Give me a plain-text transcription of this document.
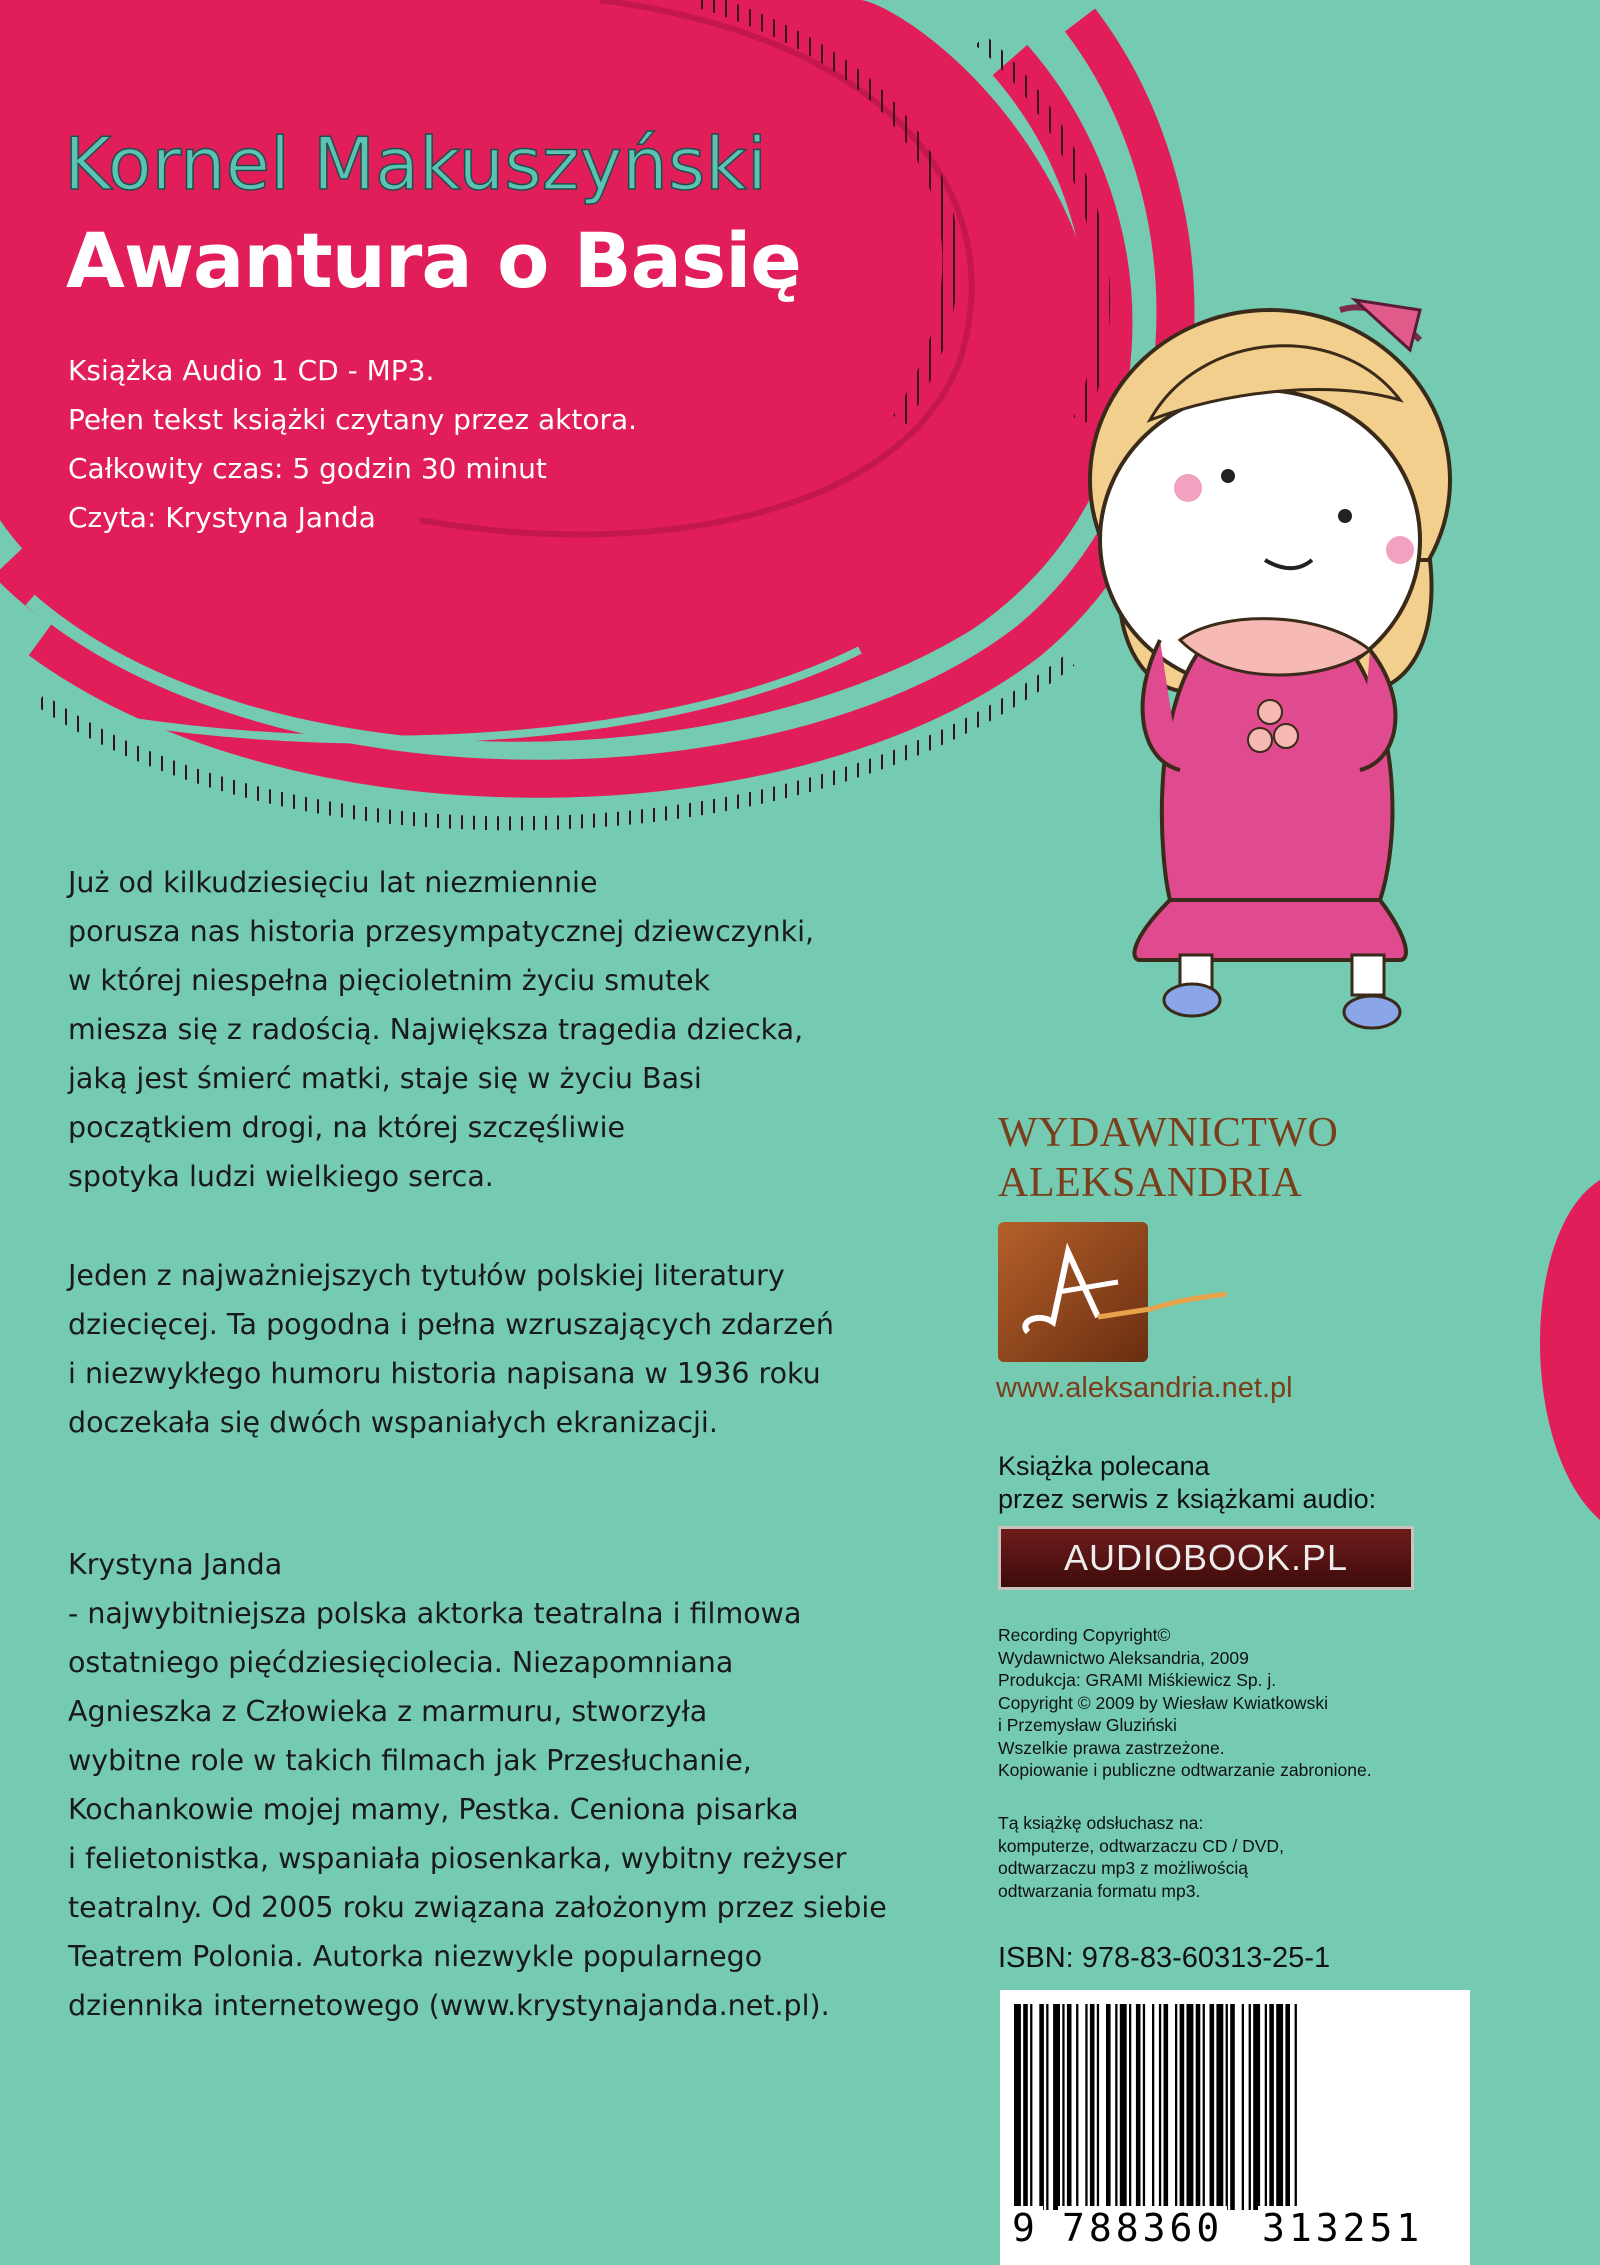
Kornel Makuszyński
Awantura o Basię
Książka Audio 1 CD - MP3.
Pełen tekst książki czytany przez aktora.
Całkowity czas: 5 godzin 30 minut
Czyta: Krystyna Janda
Już od kilkudziesięciu lat niezmiennie
porusza nas historia przesympatycznej dziewczynki,
w której niespełna pięcioletnim życiu smutek
miesza się z radością. Największa tragedia dziecka,
jaką jest śmierć matki, staje się w życiu Basi
początkiem drogi, na której szczęśliwie
spotyka ludzi wielkiego serca.
Jeden z najważniejszych tytułów polskiej literatury
dziecięcej. Ta pogodna i pełna wzruszających zdarzeń
i niezwykłego humoru historia napisana w 1936 roku
doczekała się dwóch wspaniałych ekranizacji.
Krystyna Janda
- najwybitniejsza polska aktorka teatralna i filmowa
ostatniego pięćdziesięciolecia. Niezapomniana
Agnieszka z Człowieka z marmuru, stworzyła
wybitne role w takich filmach jak Przesłuchanie,
Kochankowie mojej mamy, Pestka. Ceniona pisarka
i felietonistka, wspaniała piosenkarka, wybitny reżyser
teatralny. Od 2005 roku związana założonym przez siebie
Teatrem Polonia. Autorka niezwykle popularnego
dziennika internetowego (www.krystynajanda.net.pl).
WYDAWNICTWO
ALEKSANDRIA
www.aleksandria.net.pl
Książka polecana
przez serwis z książkami audio:
AUDIOBOOK.PL
Recording Copyright©
Wydawnictwo Aleksandria, 2009
Produkcja: GRAMI Miśkiewicz Sp. j.
Copyright © 2009 by Wiesław Kwiatkowski
i Przemysław Gluziński
Wszelkie prawa zastrzeżone.
Kopiowanie i publiczne odtwarzanie zabronione.
Tą książkę odsłuchasz na:
komputerze, odtwarzaczu CD / DVD,
odtwarzaczu mp3 z możliwością
odtwarzania formatu mp3.
ISBN: 978-83-60313-25-1
9 788360 313251
